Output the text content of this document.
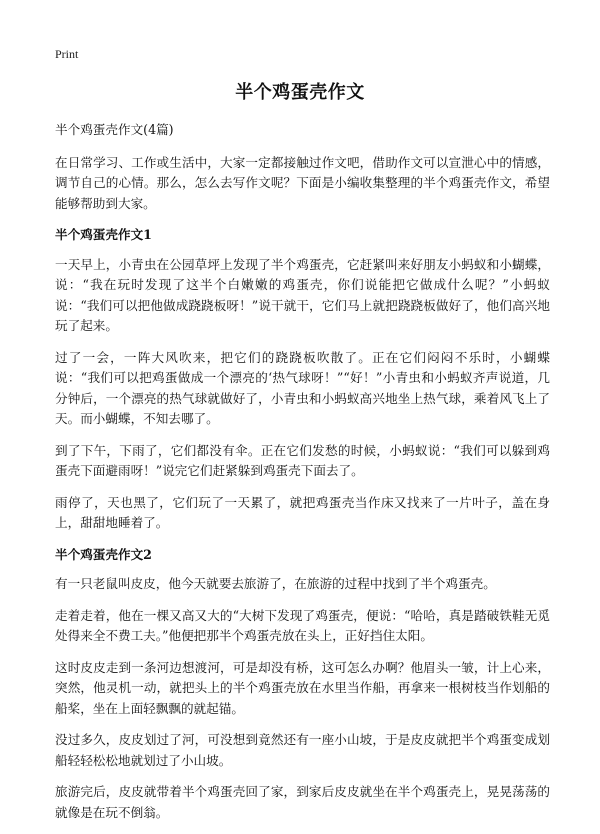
Print
半个鸡蛋壳作文

半个鸡蛋壳作文(4篇)

在日常学习、工作或生活中，大家一定都接触过作文吧，借助作文可以宣泄心中的情感，调节自己的心情。那么，怎么去写作文呢？下面是小编收集整理的半个鸡蛋壳作文，希望能够帮助到大家。

半个鸡蛋壳作文1

一天早上，小青虫在公园草坪上发现了半个鸡蛋壳，它赶紧叫来好朋友小蚂蚁和小蝴蝶，说：“我在玩时发现了这半个白嫩嫩的鸡蛋壳，你们说能把它做成什么呢？”小蚂蚁说：“我们可以把他做成跷跷板呀！”说干就干，它们马上就把跷跷板做好了，他们高兴地玩了起来。

过了一会，一阵大风吹来，把它们的跷跷板吹散了。正在它们闷闷不乐时，小蝴蝶说：“我们可以把鸡蛋做成一个漂亮的‘热气球呀！”“好！”小青虫和小蚂蚁齐声说道，几分钟后，一个漂亮的热气球就做好了，小青虫和小蚂蚁高兴地坐上热气球，乘着风飞上了天。而小蝴蝶，不知去哪了。

到了下午，下雨了，它们都没有伞。正在它们发愁的时候，小蚂蚁说：“我们可以躲到鸡蛋壳下面避雨呀！”说完它们赶紧躲到鸡蛋壳下面去了。

雨停了，天也黑了，它们玩了一天累了，就把鸡蛋壳当作床又找来了一片叶子，盖在身上，甜甜地睡着了。

半个鸡蛋壳作文2

有一只老鼠叫皮皮，他今天就要去旅游了，在旅游的过程中找到了半个鸡蛋壳。

走着走着，他在一棵又高又大的“大树下发现了鸡蛋壳，便说：“哈哈，真是踏破铁鞋无觅处得来全不费工夫。”他便把那半个鸡蛋壳放在头上，正好挡住太阳。

这时皮皮走到一条河边想渡河，可是却没有桥，这可怎么办啊？他眉头一皱，计上心来，突然，他灵机一动，就把头上的半个鸡蛋壳放在水里当作船，再拿来一根树枝当作划船的船桨，坐在上面轻飘飘的就起锚。

没过多久，皮皮划过了河，可没想到竟然还有一座小山坡，于是皮皮就把半个鸡蛋变成划船轻轻松松地就划过了小山坡。

旅游完后，皮皮就带着半个鸡蛋壳回了家，到家后皮皮就坐在半个鸡蛋壳上，晃晃荡荡的就像是在玩不倒翁。
